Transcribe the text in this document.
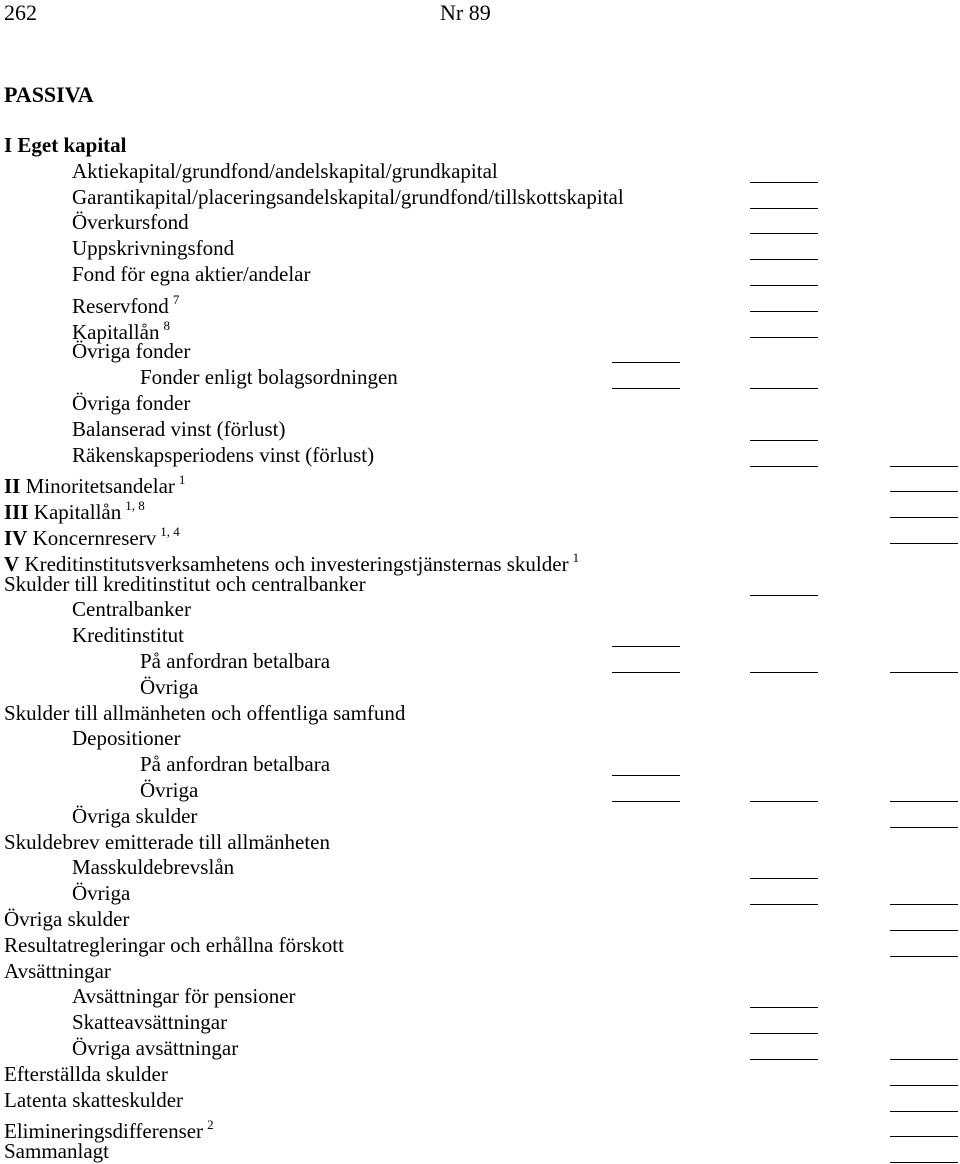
262	Nr 89
PASSIVA
I Eget kapital
Aktiekapital/grundfond/andelskapital/grundkapital
Garantikapital/placeringsandelskapital/grundfond/tillskottskapital
Överkursfond
Uppskrivningsfond
Fond för egna aktier/andelar
Reservfond $^7$
Kapitallån $^8$
Övriga fonder
Fonder enligt bolagsordningen
Övriga fonder
Balanserad vinst (förlust)
Räkenskapsperiodens vinst (förlust)
II Minoritetsandelar $^1$
III Kapitallån $^{1, 8}$
IV Koncernreserv $^{1, 4}$
V Kreditinstitutsverksamhetens och investeringstjänsternas skulder $^1$
Skulder till kreditinstitut och centralbanker
Centralbanker
Kreditinstitut
På anfordran betalbara
Övriga
Skulder till allmänheten och offentliga samfund
Depositioner
På anfordran betalbara
Övriga
Övriga skulder
Skuldebrev emitterade till allmänheten
Masskuldebrevslån
Övriga
Övriga skulder
Resultatregleringar och erhållna förskott
Avsättningar
Avsättningar för pensioner
Skatteavsättningar
Övriga avsättningar
Efterställda skulder
Latenta skatteskulder
Elimineringsdifferenser $^2$
Sammanlagt
